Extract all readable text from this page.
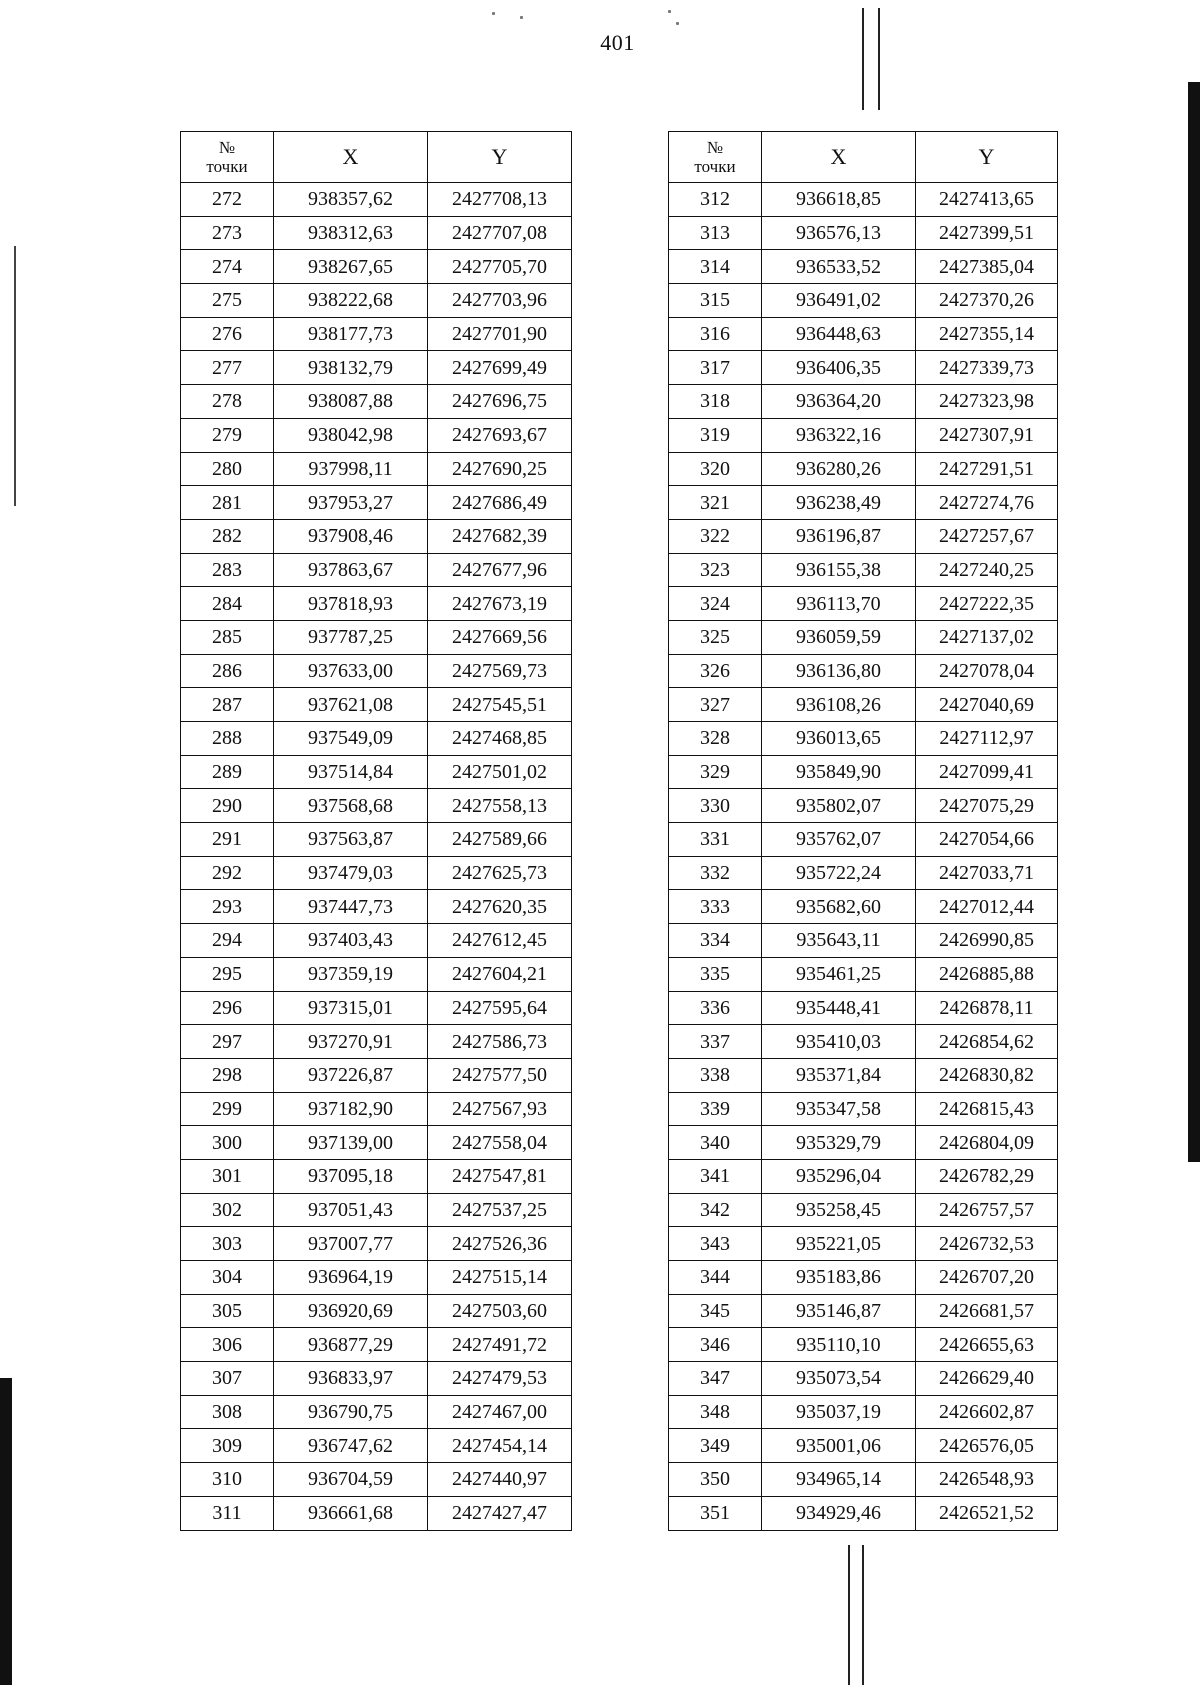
401
№
точки	X	Y
272	938357,62	2427708,13
273	938312,63	2427707,08
274	938267,65	2427705,70
275	938222,68	2427703,96
276	938177,73	2427701,90
277	938132,79	2427699,49
278	938087,88	2427696,75
279	938042,98	2427693,67
280	937998,11	2427690,25
281	937953,27	2427686,49
282	937908,46	2427682,39
283	937863,67	2427677,96
284	937818,93	2427673,19
285	937787,25	2427669,56
286	937633,00	2427569,73
287	937621,08	2427545,51
288	937549,09	2427468,85
289	937514,84	2427501,02
290	937568,68	2427558,13
291	937563,87	2427589,66
292	937479,03	2427625,73
293	937447,73	2427620,35
294	937403,43	2427612,45
295	937359,19	2427604,21
296	937315,01	2427595,64
297	937270,91	2427586,73
298	937226,87	2427577,50
299	937182,90	2427567,93
300	937139,00	2427558,04
301	937095,18	2427547,81
302	937051,43	2427537,25
303	937007,77	2427526,36
304	936964,19	2427515,14
305	936920,69	2427503,60
306	936877,29	2427491,72
307	936833,97	2427479,53
308	936790,75	2427467,00
309	936747,62	2427454,14
310	936704,59	2427440,97
311	936661,68	2427427,47
№
точки	X	Y
312	936618,85	2427413,65
313	936576,13	2427399,51
314	936533,52	2427385,04
315	936491,02	2427370,26
316	936448,63	2427355,14
317	936406,35	2427339,73
318	936364,20	2427323,98
319	936322,16	2427307,91
320	936280,26	2427291,51
321	936238,49	2427274,76
322	936196,87	2427257,67
323	936155,38	2427240,25
324	936113,70	2427222,35
325	936059,59	2427137,02
326	936136,80	2427078,04
327	936108,26	2427040,69
328	936013,65	2427112,97
329	935849,90	2427099,41
330	935802,07	2427075,29
331	935762,07	2427054,66
332	935722,24	2427033,71
333	935682,60	2427012,44
334	935643,11	2426990,85
335	935461,25	2426885,88
336	935448,41	2426878,11
337	935410,03	2426854,62
338	935371,84	2426830,82
339	935347,58	2426815,43
340	935329,79	2426804,09
341	935296,04	2426782,29
342	935258,45	2426757,57
343	935221,05	2426732,53
344	935183,86	2426707,20
345	935146,87	2426681,57
346	935110,10	2426655,63
347	935073,54	2426629,40
348	935037,19	2426602,87
349	935001,06	2426576,05
350	934965,14	2426548,93
351	934929,46	2426521,52
